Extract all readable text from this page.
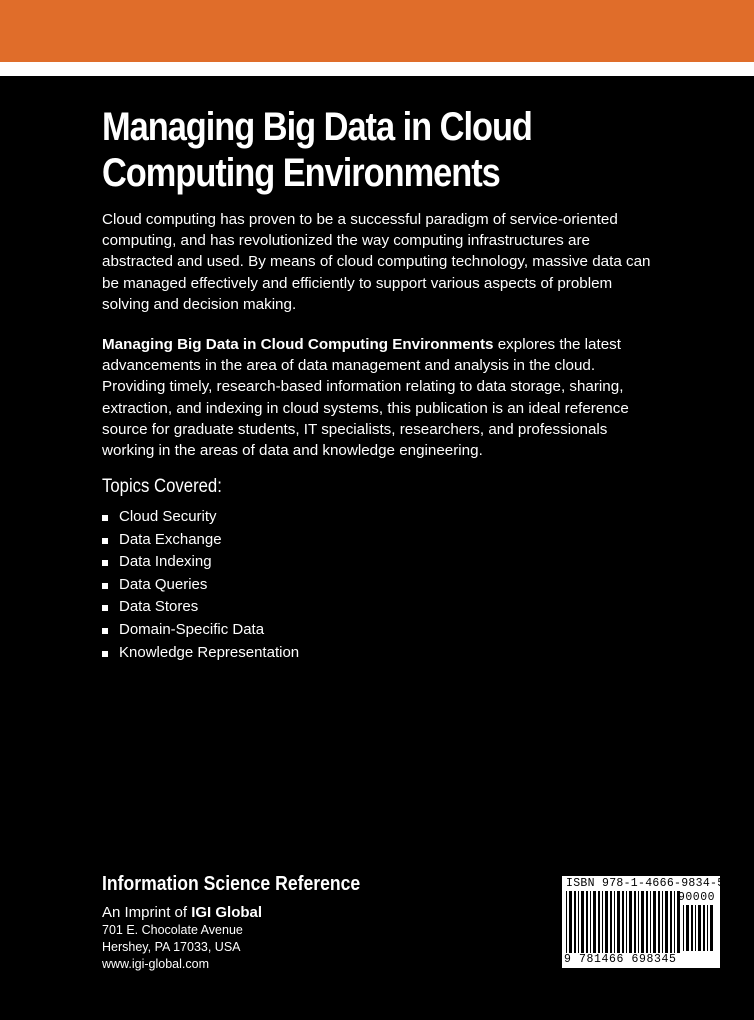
Managing Big Data in Cloud Computing Environments

Cloud computing has proven to be a successful paradigm of service-oriented computing, and has revolutionized the way computing infrastructures are abstracted and used. By means of cloud computing technology, massive data can be managed effectively and efficiently to support various aspects of problem solving and decision making.

Managing Big Data in Cloud Computing Environments explores the latest advancements in the area of data management and analysis in the cloud. Providing timely, research-based information relating to data storage, sharing, extraction, and indexing in cloud systems, this publication is an ideal reference source for graduate students, IT specialists, researchers, and professionals working in the areas of data and knowledge engineering.

Topics Covered:
Cloud Security
Data Exchange
Data Indexing
Data Queries
Data Stores
Domain-Specific Data
Knowledge Representation

Information Science Reference

An Imprint of IGI Global

701 E. Chocolate Avenue

Hershey, PA 17033, USA

www.igi-global.com

ISBN 978-1-4666-9834-5
90000
9 781466 698345
